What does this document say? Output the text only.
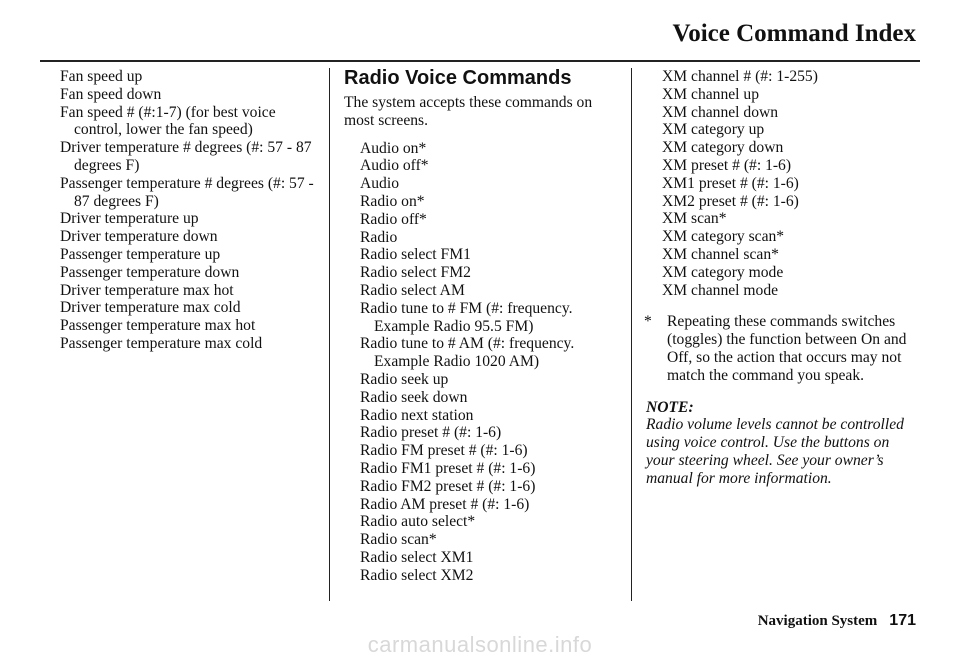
Voice Command Index
Fan speed up
Fan speed down
Fan speed # (#:1-7) (for best voice control, lower the fan speed)
Driver temperature # degrees (#: 57 - 87 degrees F)
Passenger temperature # degrees (#: 57 - 87 degrees F)
Driver temperature up
Driver temperature down
Passenger temperature up
Passenger temperature down
Driver temperature max hot
Driver temperature max cold
Passenger temperature max hot
Passenger temperature max cold
Radio Voice Commands
The system accepts these commands on most screens.
Audio on*
Audio off*
Audio
Radio on*
Radio off*
Radio
Radio select FM1
Radio select FM2
Radio select AM
Radio tune to # FM (#: frequency. Example Radio 95.5 FM)
Radio tune to # AM (#: frequency. Example Radio 1020 AM)
Radio seek up
Radio seek down
Radio next station
Radio preset # (#: 1-6)
Radio FM preset # (#: 1-6)
Radio FM1 preset # (#: 1-6)
Radio FM2 preset # (#: 1-6)
Radio AM preset # (#: 1-6)
Radio auto select*
Radio scan*
Radio select XM1
Radio select XM2
XM channel # (#: 1-255)
XM channel up
XM channel down
XM category up
XM category down
XM preset # (#: 1-6)
XM1 preset # (#: 1-6)
XM2 preset # (#: 1-6)
XM scan*
XM category scan*
XM channel scan*
XM category mode
XM channel mode
* Repeating these commands switches (toggles) the function between On and Off, so the action that occurs may not match the command you speak.
NOTE:
Radio volume levels cannot be controlled using voice control. Use the buttons on your steering wheel. See your owner’s manual for more information.
Navigation System 171
carmanualsonline.info
